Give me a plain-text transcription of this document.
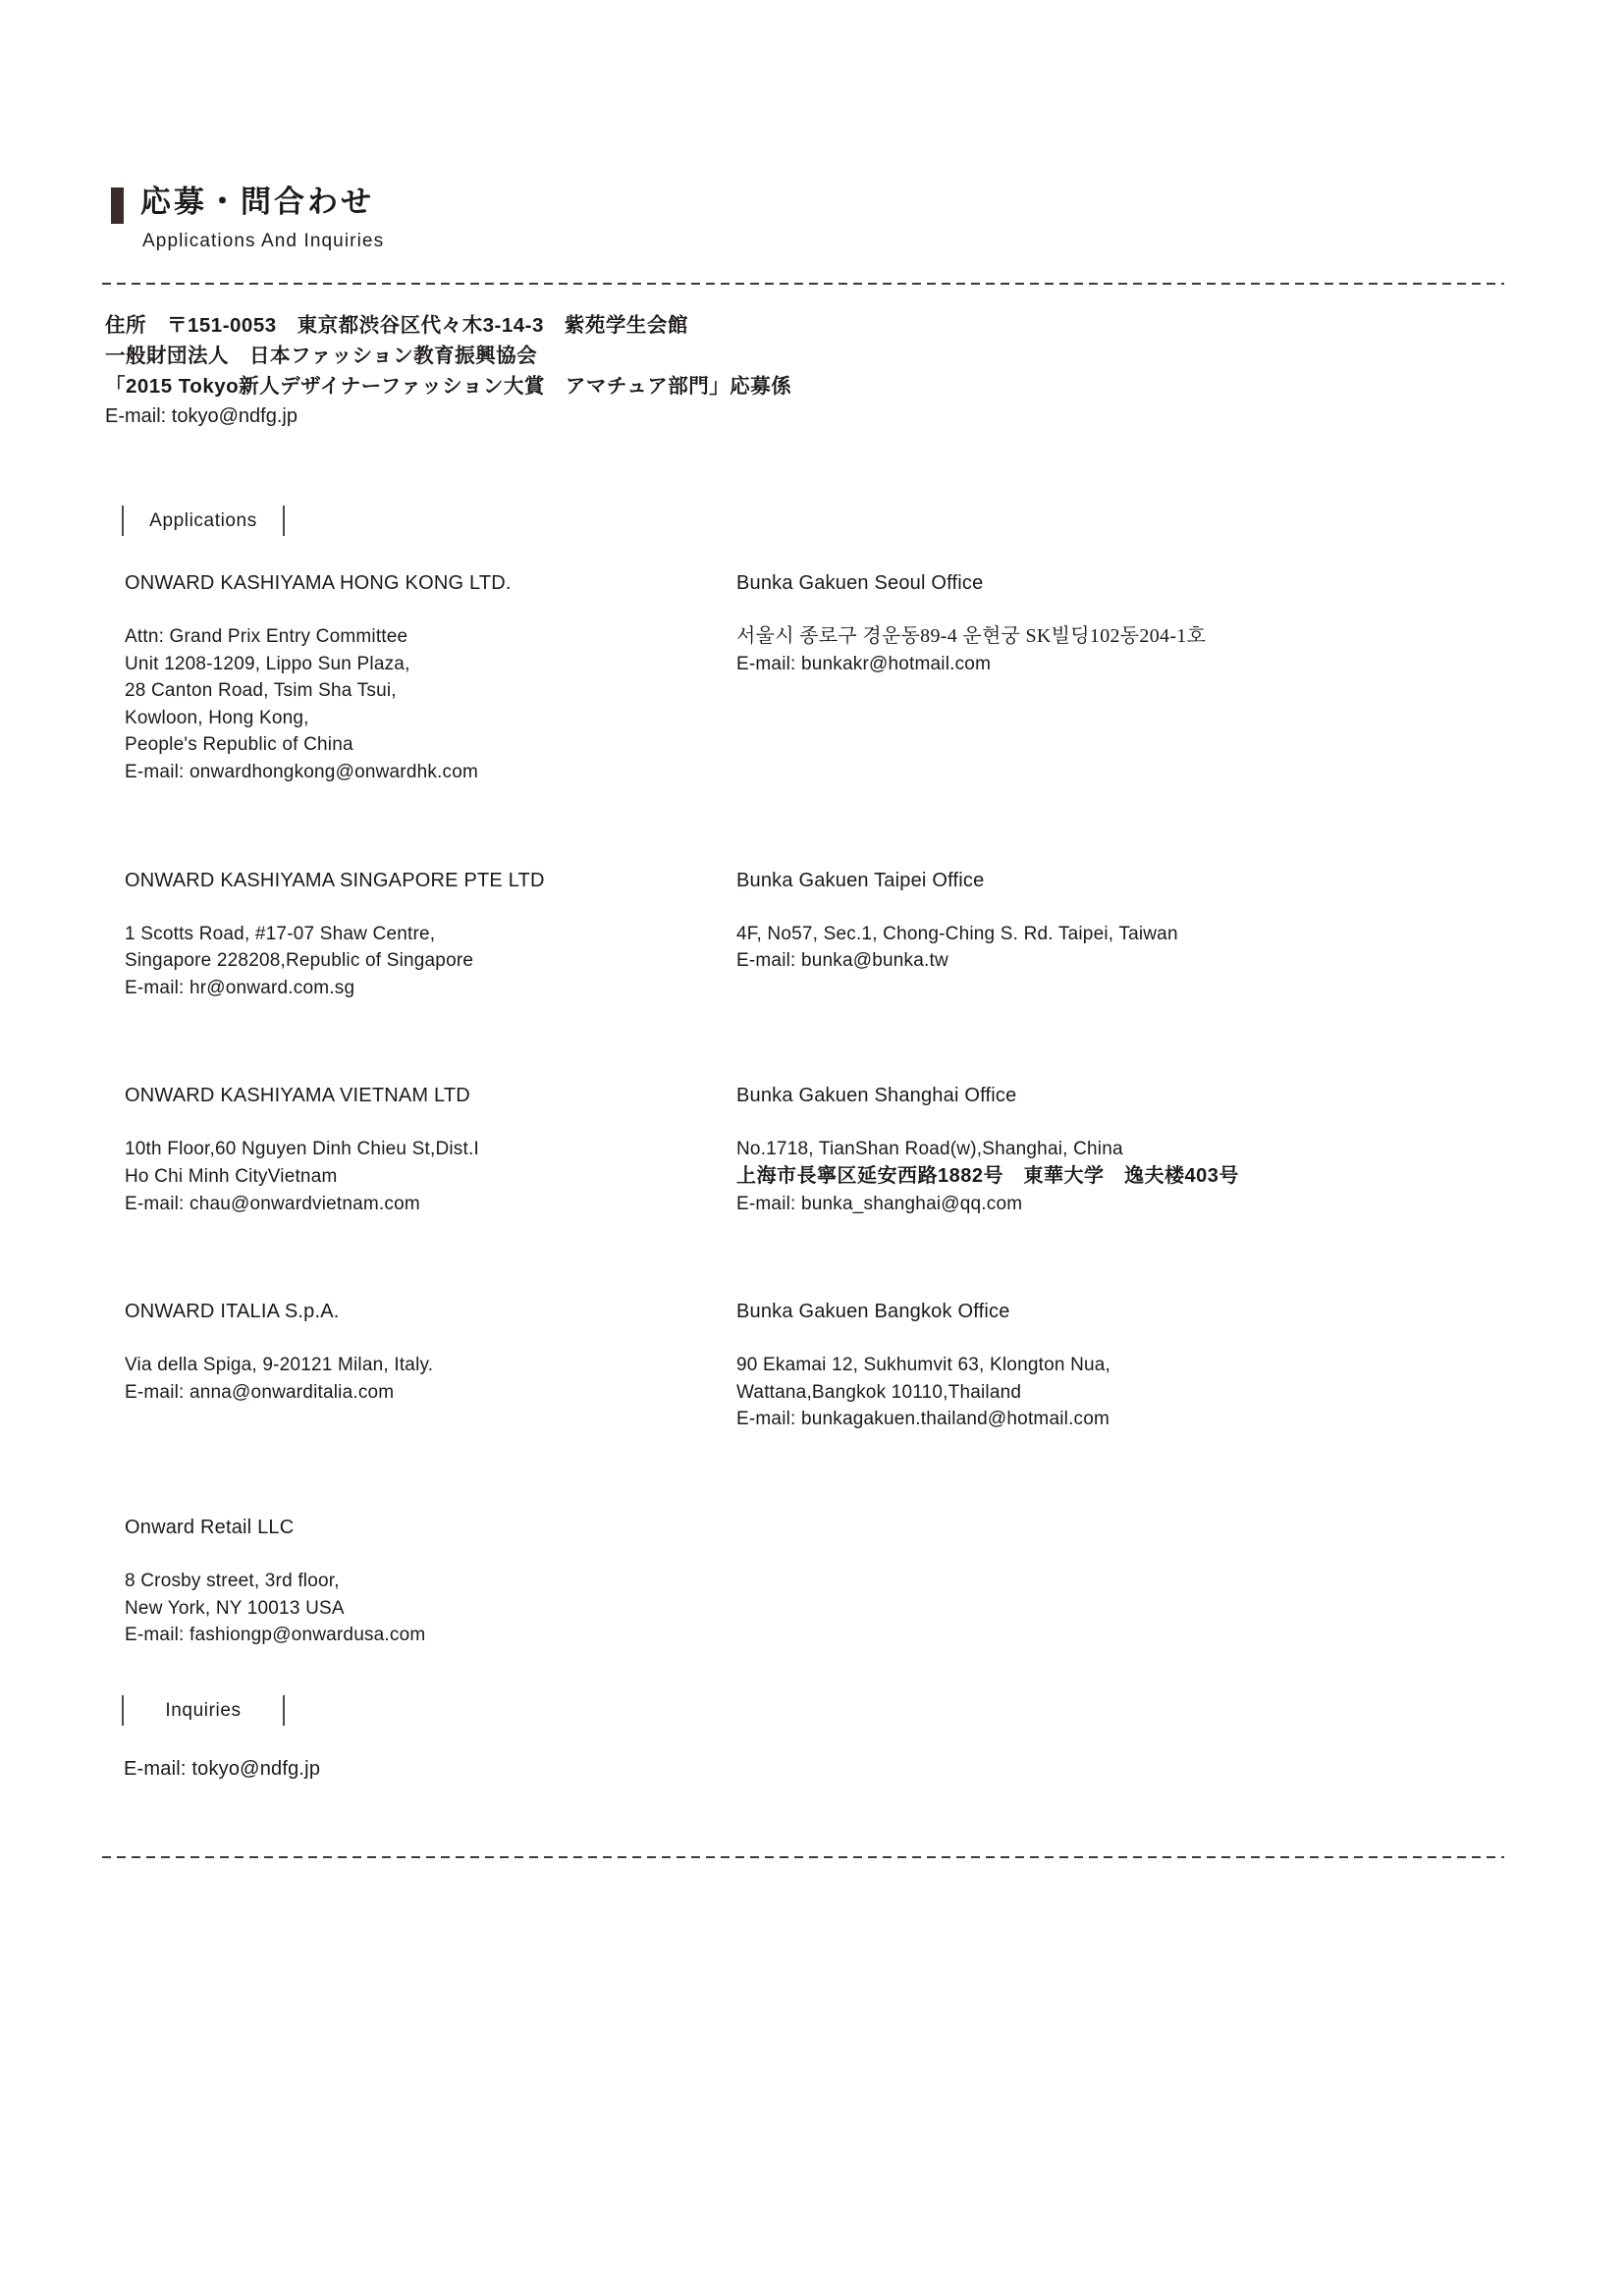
応募・問合わせ
Applications And Inquiries
住所　〒151-0053　東京都渋谷区代々木3-14-3　紫苑学生会館
一般財団法人　日本ファッション教育振興協会
「2015 Tokyo新人デザイナーファッション大賞　アマチュア部門」応募係
E-mail: tokyo@ndfg.jp
Applications
ONWARD KASHIYAMA HONG KONG LTD.
Attn: Grand Prix Entry Committee
Unit 1208-1209, Lippo Sun Plaza,
28 Canton Road, Tsim Sha Tsui,
Kowloon, Hong Kong,
People's Republic of China
E-mail: onwardhongkong@onwardhk.com
Bunka Gakuen Seoul Office
서울시 종로구 경운동89-4 운현궁 SK빌딩102동204-1호
E-mail: bunkakr@hotmail.com
ONWARD KASHIYAMA SINGAPORE PTE LTD
1 Scotts Road, #17-07 Shaw Centre,
Singapore 228208,Republic of Singapore
E-mail: hr@onward.com.sg
Bunka Gakuen Taipei Office
4F, No57, Sec.1, Chong-Ching S. Rd. Taipei, Taiwan
E-mail: bunka@bunka.tw
ONWARD KASHIYAMA VIETNAM LTD
10th Floor,60 Nguyen Dinh Chieu St,Dist.I
Ho Chi Minh CityVietnam
E-mail: chau@onwardvietnam.com
Bunka Gakuen Shanghai Office
No.1718, TianShan Road(w),Shanghai, China
上海市長寧区延安西路1882号　東華大学　逸夫楼403号
E-mail: bunka_shanghai@qq.com
ONWARD ITALIA S.p.A.
Via della Spiga, 9-20121 Milan, Italy.
E-mail: anna@onwarditalia.com
Bunka Gakuen Bangkok Office
90 Ekamai 12, Sukhumvit 63, Klongton Nua,
Wattana,Bangkok 10110,Thailand
E-mail: bunkagakuen.thailand@hotmail.com
Onward Retail LLC
8 Crosby street, 3rd floor,
New York, NY 10013 USA
E-mail: fashiongp@onwardusa.com
Inquiries
E-mail: tokyo@ndfg.jp
